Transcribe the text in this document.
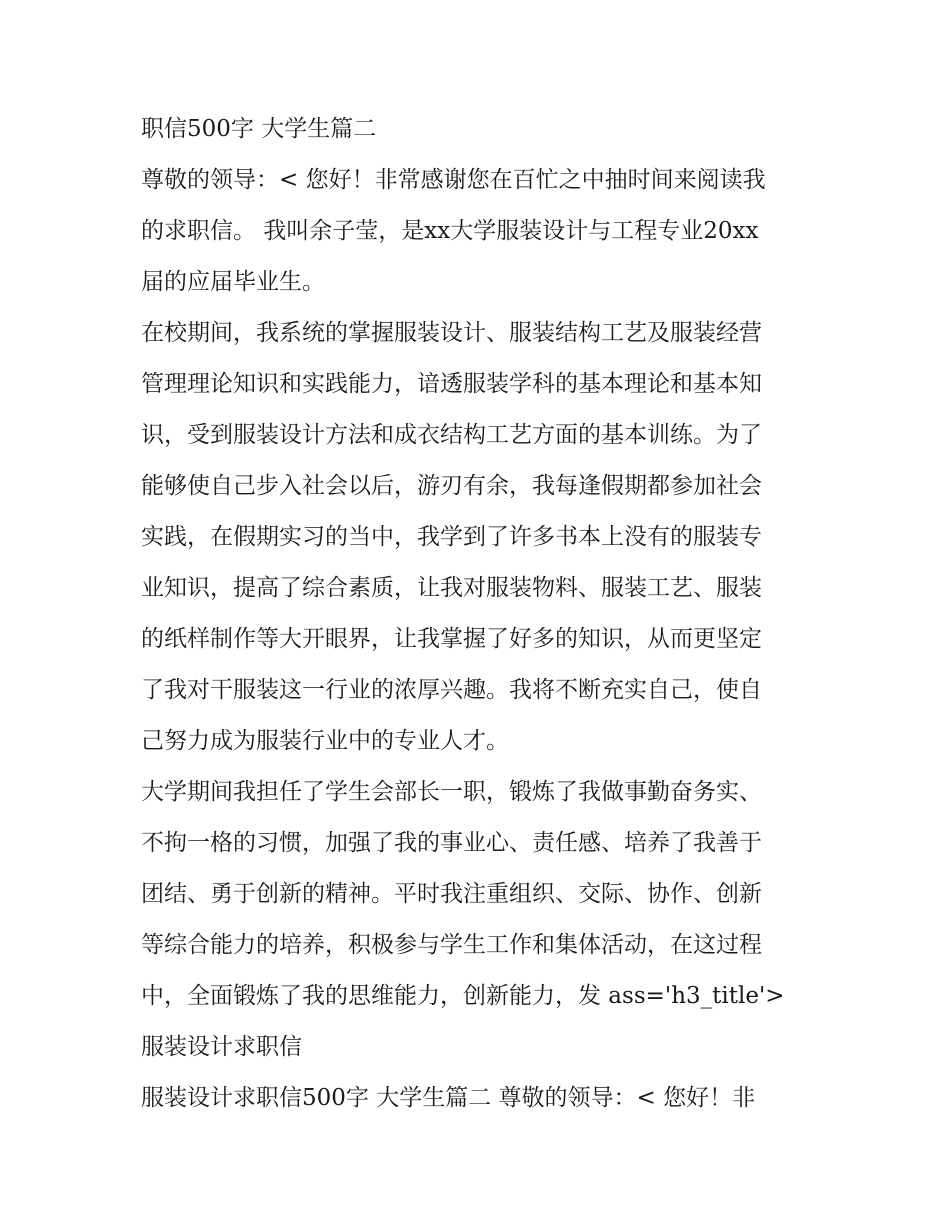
职信500字 大学生篇二
尊敬的领导：< 您好！非常感谢您在百忙之中抽时间来阅读我
的求职信。 我叫余子莹，是xx大学服装设计与工程专业20xx
届的应届毕业生。
在校期间，我系统的掌握服装设计、服装结构工艺及服装经营
管理理论知识和实践能力，谙透服装学科的基本理论和基本知
识，受到服装设计方法和成衣结构工艺方面的基本训练。为了
能够使自己步入社会以后，游刃有余，我每逢假期都参加社会
实践，在假期实习的当中，我学到了许多书本上没有的服装专
业知识，提高了综合素质，让我对服装物料、服装工艺、服装
的纸样制作等大开眼界，让我掌握了好多的知识，从而更坚定
了我对干服装这一行业的浓厚兴趣。我将不断充实自己，使自
己努力成为服装行业中的专业人才。
大学期间我担任了学生会部长一职，锻炼了我做事勤奋务实、
不拘一格的习惯，加强了我的事业心、责任感、培养了我善于
团结、勇于创新的精神。平时我注重组织、交际、协作、创新
等综合能力的培养，积极参与学生工作和集体活动，在这过程
中，全面锻炼了我的思维能力，创新能力，发 ass='h3_title'>
服装设计求职信
服装设计求职信500字 大学生篇二 尊敬的领导：< 您好！非
